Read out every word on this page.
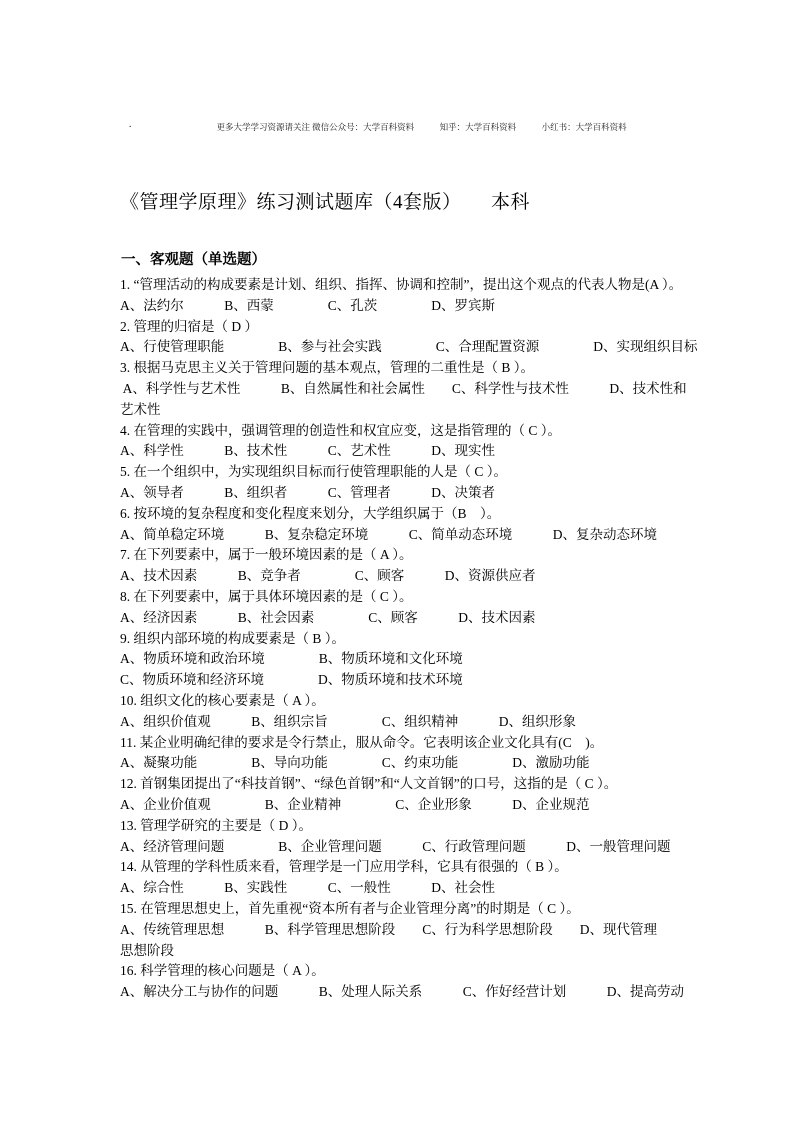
·	更多大学学习资源请关注 微信公众号：大学百科资料　　　知乎：大学百科资料　　　小红书：大学百科资料

《管理学原理》练习测试题库（4套版）　　本科
一、客观题（单选题）
1. “管理活动的构成要素是计划、组织、指挥、协调和控制”，提出这个观点的代表人物是(A ）。
A、法约尔　　　B、西蒙　　　　C、孔茨　　　　D、罗宾斯
2. 管理的归宿是（ D ）
A、行使管理职能　　　　B、参与社会实践　　　　C、合理配置资源　　　　D、实现组织目标
3. 根据马克思主义关于管理问题的基本观点，管理的二重性是（ B ）。
A、科学性与艺术性　　　B、自然属性和社会属性　　C、科学性与技术性　　　D、技术性和
艺术性
4. 在管理的实践中，强调管理的创造性和权宜应变，这是指管理的（ C ）。
A、科学性　　　B、技术性　　　C、艺术性　　　D、现实性
5. 在一个组织中，为实现组织目标而行使管理职能的人是（ C ）。
A、领导者　　　B、组织者　　　C、管理者　　　D、决策者
6. 按环境的复杂程度和变化程度来划分，大学组织属于（B　）。
A、简单稳定环境　　　B、复杂稳定环境　　　C、简单动态环境　　　D、复杂动态环境
7. 在下列要素中，属于一般环境因素的是（ A ）。
A、技术因素　　　B、竞争者　　　　C、顾客　　　D、资源供应者
8. 在下列要素中，属于具体环境因素的是（ C ）。
A、经济因素　　　B、社会因素　　　　C、顾客　　　D、技术因素
9. 组织内部环境的构成要素是（ B ）。
A、物质环境和政治环境　　　　B、物质环境和文化环境
C、物质环境和经济环境　　　　D、物质环境和技术环境
10. 组织文化的核心要素是（ A ）。
A、组织价值观　　　B、组织宗旨　　　　C、组织精神　　　D、组织形象
11. 某企业明确纪律的要求是令行禁止，服从命令。它表明该企业文化具有(C　)。
A、凝聚功能　　　　B、导向功能　　　　C、约束功能　　　　D、激励功能
12. 首钢集团提出了“科技首钢”、“绿色首钢”和“人文首钢”的口号，这指的是（ C ）。
A、企业价值观　　　　B、企业精神　　　　C、企业形象　　　D、企业规范
13. 管理学研究的主要是（ D ）。
A、经济管理问题　　　　B、企业管理问题　　　C、行政管理问题　　　D、一般管理问题
14. 从管理的学科性质来看，管理学是一门应用学科，它具有很强的（ B ）。
A、综合性　　　B、实践性　　　C、一般性　　　D、社会性
15. 在管理思想史上，首先重视“资本所有者与企业管理分离”的时期是（ C ）。
A、传统管理思想　　　B、科学管理思想阶段　　C、行为科学思想阶段　　D、现代管理
思想阶段
16. 科学管理的核心问题是（ A ）。
A、解决分工与协作的问题　　　B、处理人际关系　　　C、作好经营计划　　　D、提高劳动
